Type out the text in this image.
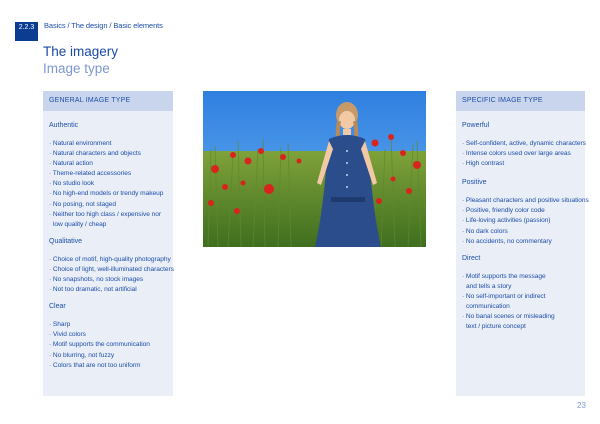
2.2.3	Basics / The design / Basic elements
The imagery
Image type
GENERAL IMAGE TYPE
Authentic
· Natural environment
· Natural characters and objects
· Natural action
· Theme-related accessories
· No studio look
· No high-end models or trendy makeup
· No posing, not staged
· Neither too high class / expensive nor
low quality / cheap
Qualitative
· Choice of motif, high-quality photography
· Choice of light, well-illuminated characters
· No snapshots, no stock images
· Not too dramatic, not artificial
Clear
· Sharp
· Vivid colors
· Motif supports the communication
· No blurring, not fuzzy
· Colors that are not too uniform
SPECIFIC IMAGE TYPE
Powerful
· Self-confident, active, dynamic characters
· Intense colors used over large areas
· High contrast
Positive
· Pleasant characters and positive situations
· Positive, friendly color code
· Life-loving activities (passion)
· No dark colors
· No accidents, no commentary
Direct
· Motif supports the message
and tells a story
· No self-important or indirect
communication
· No banal scenes or misleading
text / picture concept
23
